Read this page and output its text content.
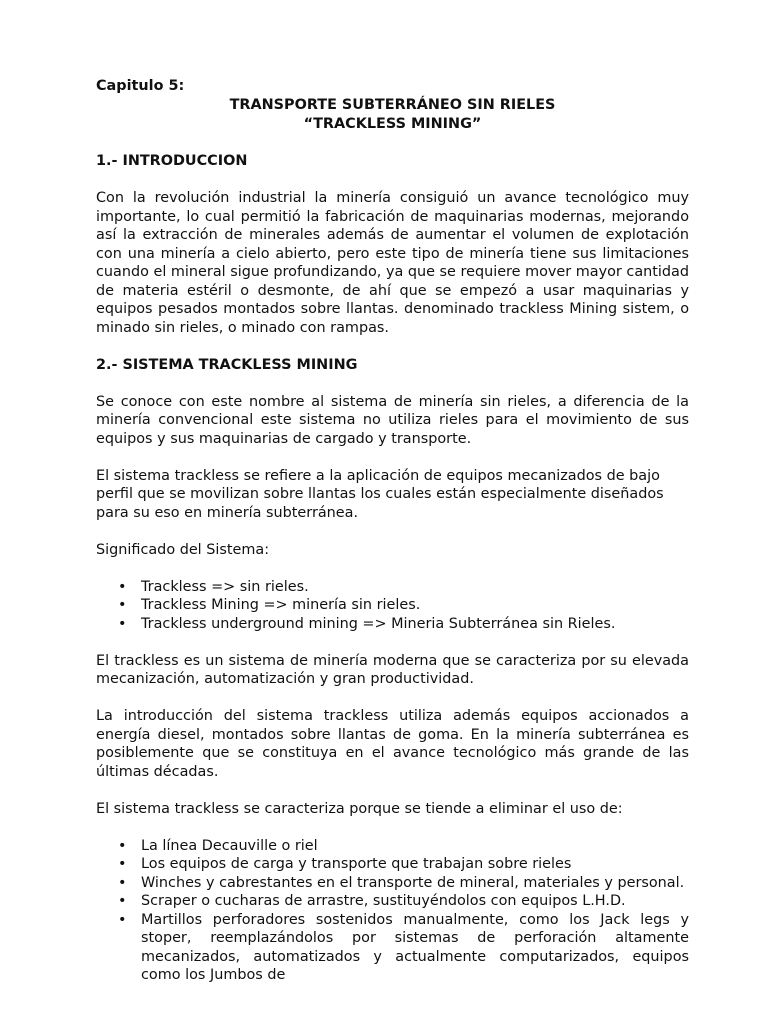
Capitulo 5:

TRANSPORTE SUBTERRÁNEO SIN RIELES

“TRACKLESS MINING”

1.- INTRODUCCION

Con la revolución industrial la minería consiguió un avance tecnológico muy importante, lo cual permitió la fabricación de maquinarias modernas, mejorando así la extracción de minerales además de aumentar el volumen de explotación con una minería a cielo abierto, pero este tipo de minería tiene sus limitaciones cuando el mineral sigue profundizando, ya que se requiere mover mayor cantidad de materia estéril o desmonte, de ahí que se empezó a usar maquinarias y equipos pesados montados sobre llantas. denominado trackless Mining sistem, o minado sin rieles, o minado con rampas.

2.- SISTEMA TRACKLESS MINING

Se conoce con este nombre al sistema de minería sin rieles, a diferencia de la minería convencional este sistema no utiliza rieles para el movimiento de sus equipos y sus maquinarias de cargado y transporte.

El sistema trackless se refiere a la aplicación de equipos mecanizados de bajo perfil que se movilizan sobre llantas los cuales están especialmente diseñados para su eso en minería subterránea.

Significado del Sistema:

• Trackless => sin rieles.
• Trackless Mining => minería sin rieles.
• Trackless underground mining => Mineria Subterránea sin Rieles.

El trackless es un sistema de minería moderna que se caracteriza por su elevada mecanización, automatización y gran productividad.

La introducción del sistema trackless utiliza además equipos accionados a energía diesel, montados sobre llantas de goma. En la minería subterránea es posiblemente que se constituya en el avance tecnológico más grande de las últimas décadas.

El sistema trackless se caracteriza porque se tiende a eliminar el uso de:

• La línea Decauville o riel
• Los equipos de carga y transporte que trabajan sobre rieles
• Winches y cabrestantes en el transporte de mineral, materiales y personal.
• Scraper o cucharas de arrastre, sustituyéndolos con equipos L.H.D.
• Martillos perforadores sostenidos manualmente, como los Jack legs y stoper, reemplazándolos por sistemas de perforación altamente mecanizados, automatizados y actualmente computarizados, equipos como los Jumbos de
